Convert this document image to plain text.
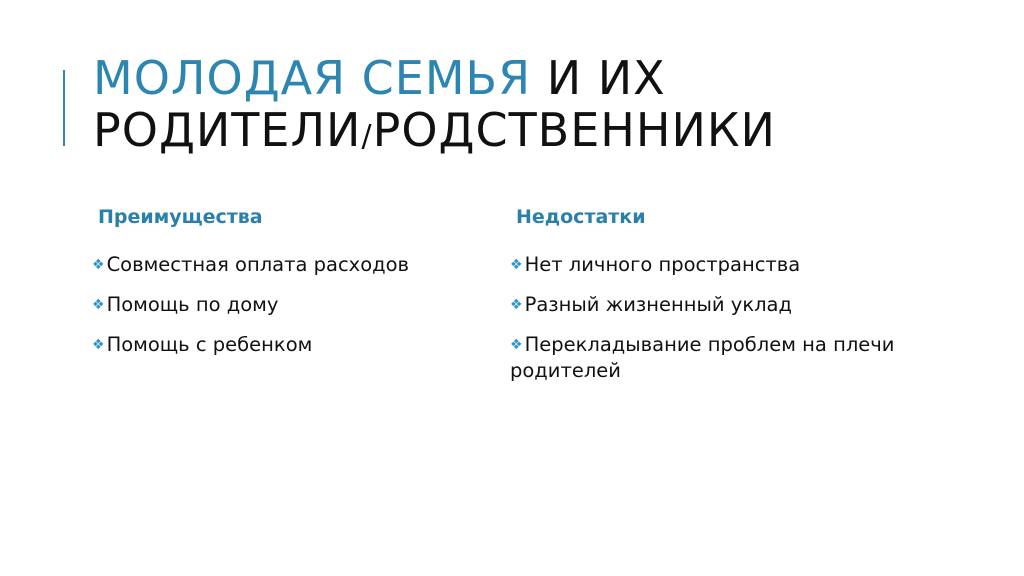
МОЛОДАЯ СЕМЬЯ И ИХ
РОДИТЕЛИ/РОДСТВЕННИКИ
Преимущества
❖ Совместная оплата расходов
❖ Помощь по дому
❖ Помощь с ребенком
Недостатки
❖ Нет личного пространства
❖ Разный жизненный уклад
❖ Перекладывание проблем на плечи родителей
